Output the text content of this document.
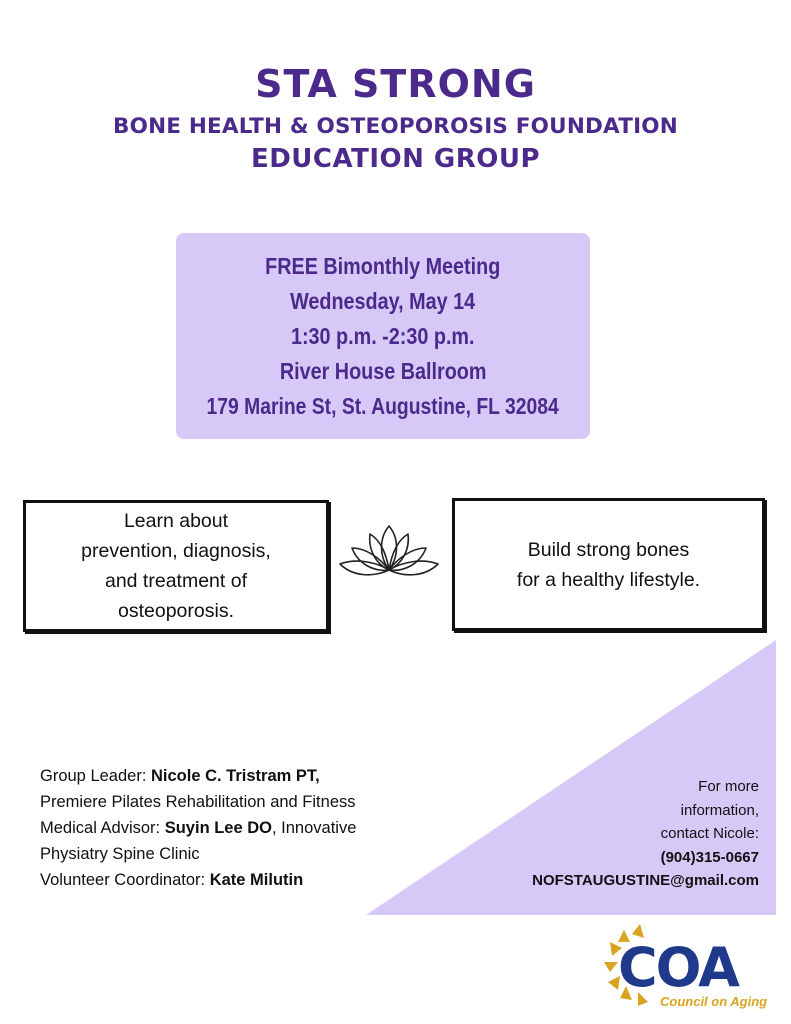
STA STRONG
BONE HEALTH & OSTEOPOROSIS FOUNDATION
EDUCATION GROUP
FREE Bimonthly Meeting
Wednesday, May 14
1:30 p.m. -2:30 p.m.
River House Ballroom
179 Marine St, St. Augustine, FL 32084
Learn about
prevention, diagnosis,
and treatment of
osteoporosis.
Build strong bones
for a healthy lifestyle.
Group Leader: Nicole C. Tristram PT,
Premiere Pilates Rehabilitation and Fitness
Medical Advisor: Suyin Lee DO, Innovative
Physiatry Spine Clinic
Volunteer Coordinator: Kate Milutin
For more
information,
contact Nicole:
(904)315-0667
NOFSTAUGUSTINE@gmail.com
COA
Council on Aging
